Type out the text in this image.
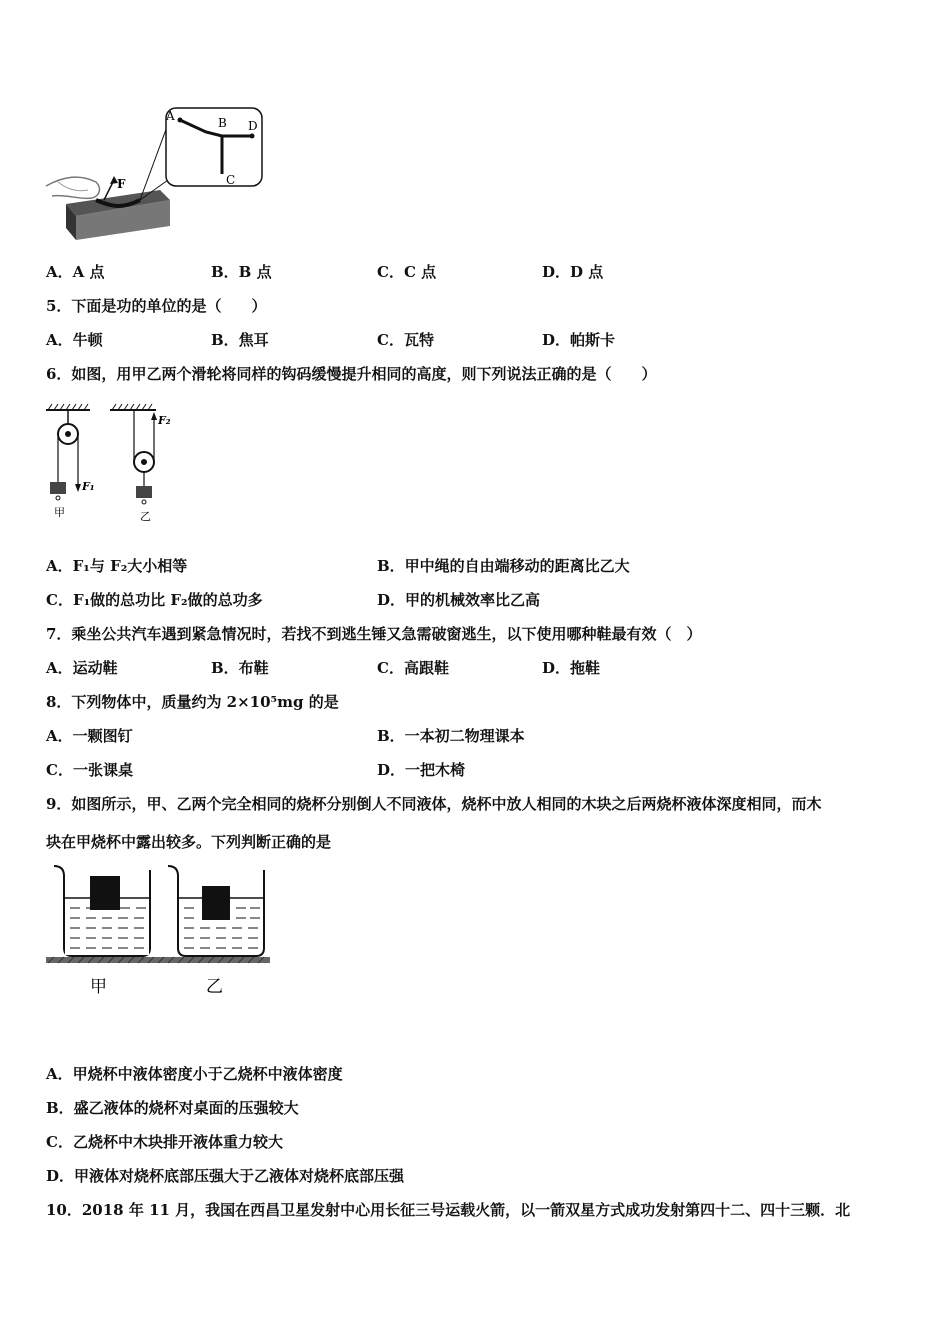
F
A	B
C
D
A．A 点	B．B 点	C．C 点	D．D 点
5．下面是功的单位的是（　　）
A．牛顿	B．焦耳	C．瓦特	D．帕斯卡
6．如图，用甲乙两个滑轮将同样的钩码缓慢提升相同的高度，则下列说法正确的是（　　）
F₁
甲
F₂
乙
A．F₁与 F₂大小相等	B．甲中绳的自由端移动的距离比乙大
C．F₁做的总功比 F₂做的总功多	D．甲的机械效率比乙高
7．乘坐公共汽车遇到紧急情况时，若找不到逃生锤又急需破窗逃生，以下使用哪种鞋最有效（　）
A．运动鞋	B．布鞋	C．高跟鞋	D．拖鞋
8．下列物体中，质量约为 2×10⁵mg 的是
A．一颗图钉	B．一本初二物理课本
C．一张课桌	D．一把木椅
9．如图所示，甲、乙两个完全相同的烧杯分别倒人不同液体，烧杯中放人相同的木块之后两烧杯液体深度相同，而木
块在甲烧杯中露出较多。下列判断正确的是
甲	乙
A．甲烧杯中液体密度小于乙烧杯中液体密度
B．盛乙液体的烧杯对桌面的压强较大
C．乙烧杯中木块排开液体重力较大
D．甲液体对烧杯底部压强大于乙液体对烧杯底部压强
10．2018 年 11 月，我国在西昌卫星发射中心用长征三号运载火箭，以一箭双星方式成功发射第四十二、四十三颗．北
